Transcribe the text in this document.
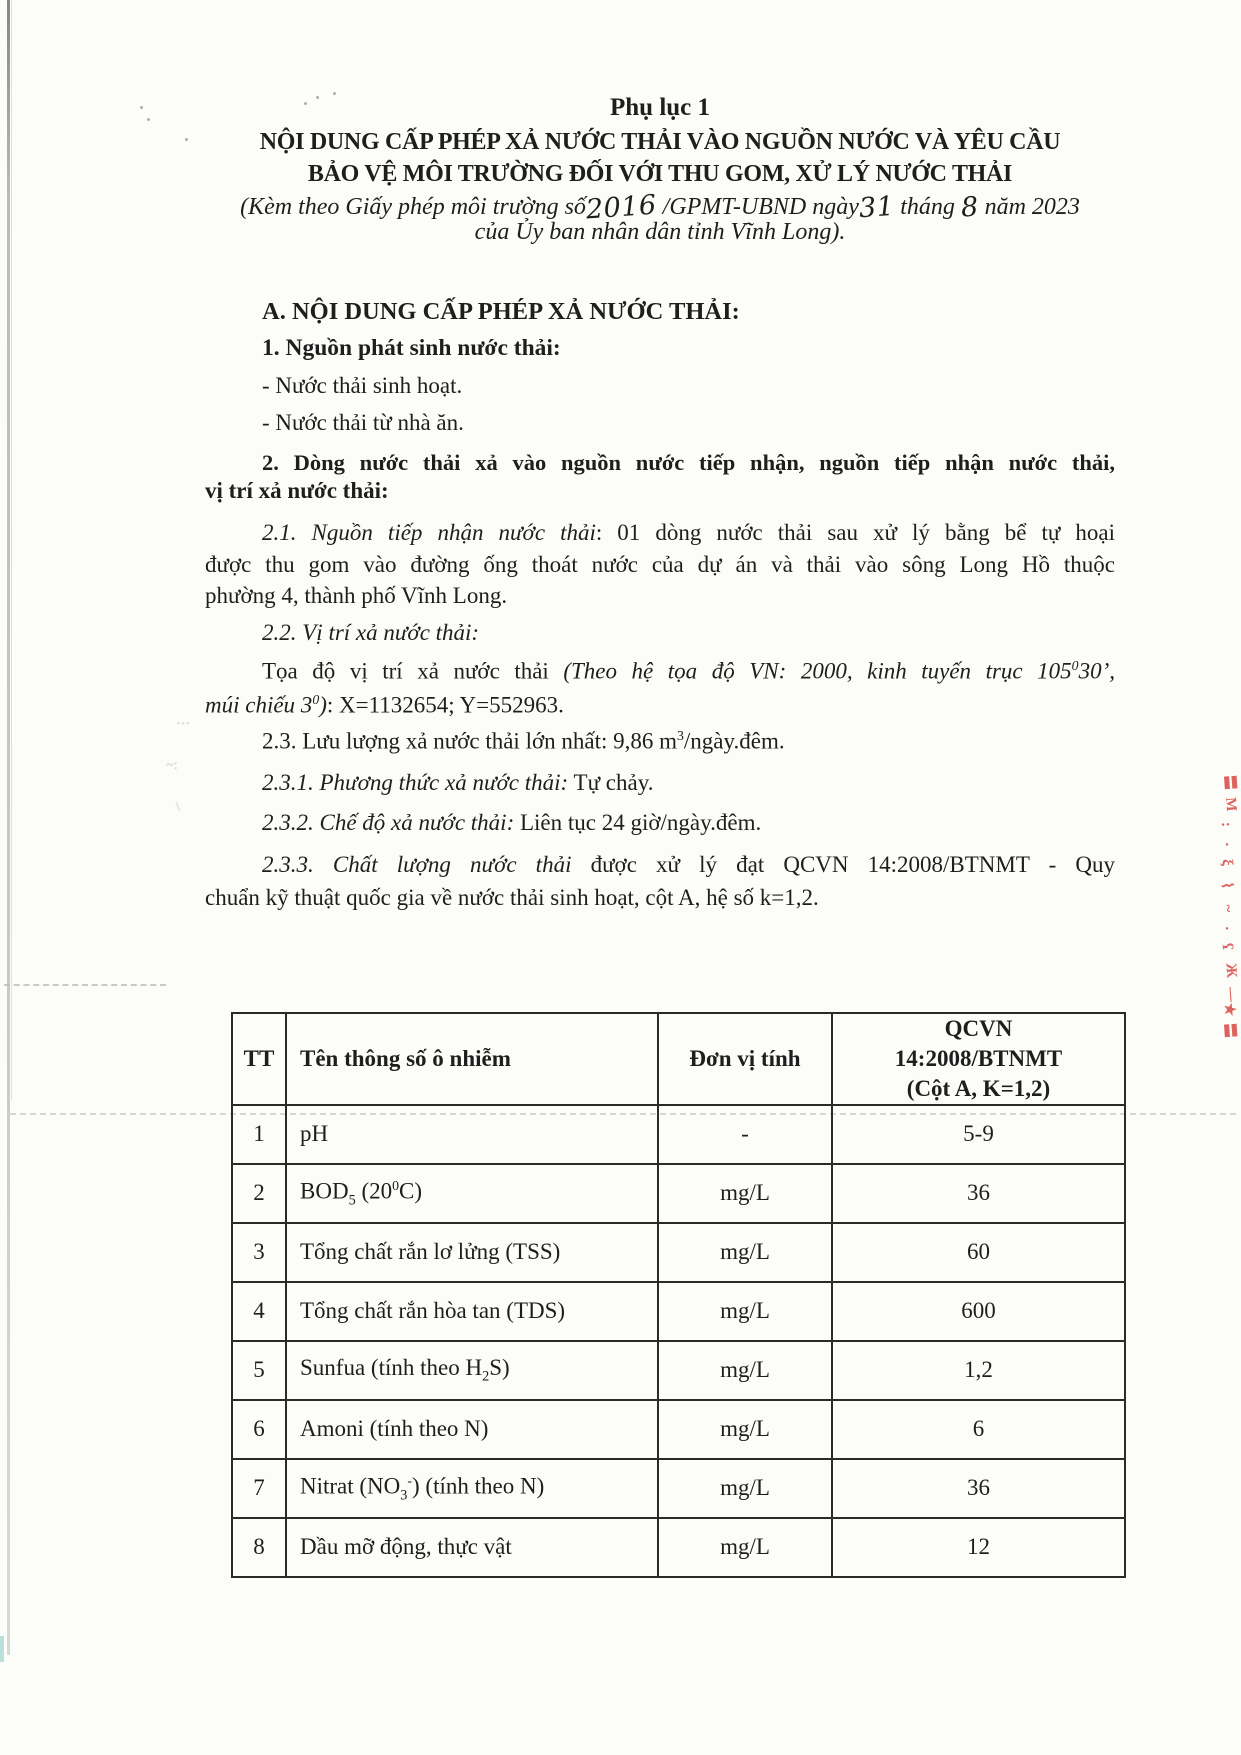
〓
M
:
·
ξ
⌇
~
·
ʕ
Ж
—
★
〓
․‥
~:
\
Phụ lục 1
NỘI DUNG CẤP PHÉP XẢ NƯỚC THẢI VÀO NGUỒN NƯỚC VÀ YÊU CẦU
BẢO VỆ MÔI TRƯỜNG ĐỐI VỚI THU GOM, XỬ LÝ NƯỚC THẢI
(Kèm theo Giấy phép môi trường số2016 /GPMT-UBND ngày31 tháng 8 năm 2023
của Ủy ban nhân dân tỉnh Vĩnh Long).
A. NỘI DUNG CẤP PHÉP XẢ NƯỚC THẢI:
1. Nguồn phát sinh nước thải:
- Nước thải sinh hoạt.
- Nước thải từ nhà ăn.
2. Dòng nước thải xả vào nguồn nước tiếp nhận, nguồn tiếp nhận nước thải,
vị trí xả nước thải:
2.1. Nguồn tiếp nhận nước thải: 01 dòng nước thải sau xử lý bằng bể tự hoại
được thu gom vào đường ống thoát nước của dự án và thải vào sông Long Hồ thuộc
phường 4, thành phố Vĩnh Long.
2.2. Vị trí xả nước thải:
Tọa độ vị trí xả nước thải (Theo hệ tọa độ VN: 2000, kinh tuyến trục $105^030$’,
múi chiếu $3^0$): X=1132654; Y=552963.
2.3. Lưu lượng xả nước thải lớn nhất: 9,86 $m^3/ngày.đêm$.
2.3.1. Phương thức xả nước thải: Tự chảy.
2.3.2. Chế độ xả nước thải: Liên tục 24 giờ/ngày.đêm.
2.3.3. Chất lượng nước thải được xử lý đạt QCVN 14:2008/BTNMT - Quy
chuẩn kỹ thuật quốc gia về nước thải sinh hoạt, cột A, hệ số k=1,2.
TT	Tên thông số ô nhiễm	Đơn vị tính	QCVN
14:2008/BTNMT
(Cột A, K=1,2)

1	pH	-	5-9
2	$BOD_5$ $(20^0C)$	mg/L	36
3	Tổng chất rắn lơ lửng (TSS)	mg/L	60
4	Tổng chất rắn hòa tan (TDS)	mg/L	600
5	Sunfua (tính theo $H_2S$)	mg/L	1,2
6	Amoni (tính theo N)	mg/L	6
7	Nitrat $(NO_3^-)$ (tính theo N)	mg/L	36
8	Dầu mỡ động, thực vật	mg/L	12
